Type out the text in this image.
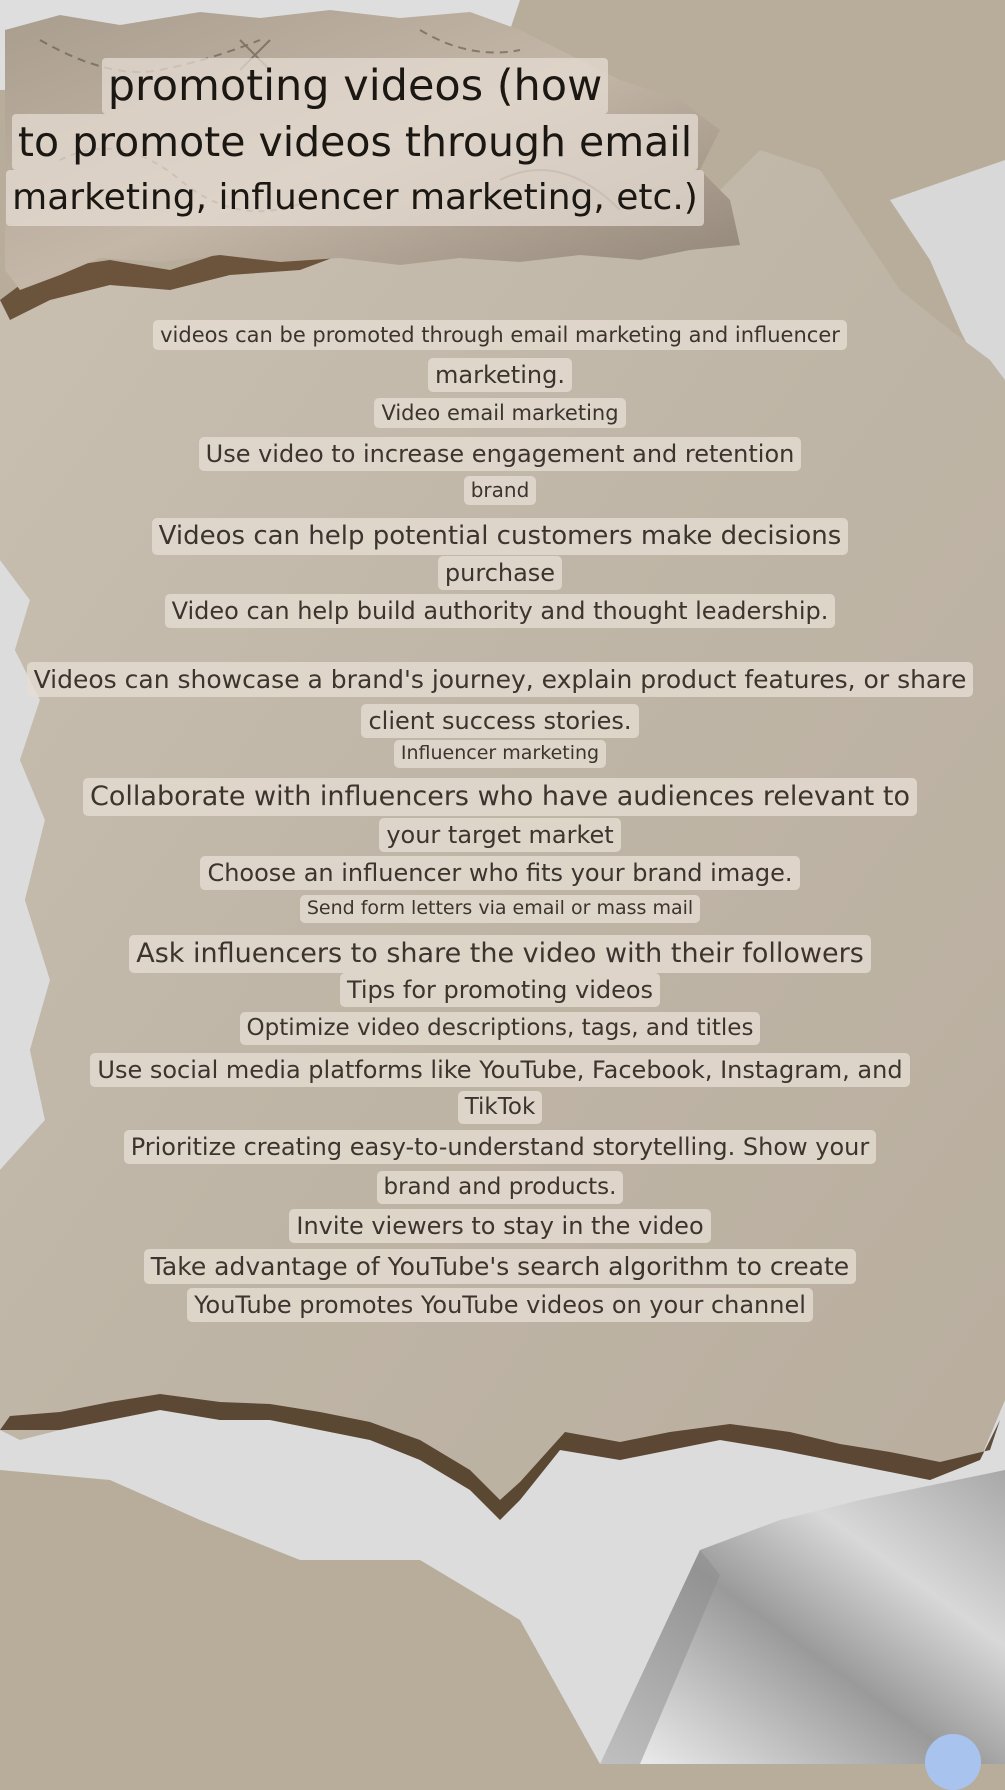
promoting videos (how
to promote videos through email
marketing, influencer marketing, etc.)
videos can be promoted through email marketing and influencer
marketing.
Video email marketing
Use video to increase engagement and retention
brand
Videos can help potential customers make decisions
purchase
Video can help build authority and thought leadership.
Videos can showcase a brand's journey, explain product features, or share
client success stories.
Influencer marketing
Collaborate with influencers who have audiences relevant to
your target market
Choose an influencer who fits your brand image.
Send form letters via email or mass mail
Ask influencers to share the video with their followers
Tips for promoting videos
Optimize video descriptions, tags, and titles
Use social media platforms like YouTube, Facebook, Instagram, and
TikTok
Prioritize creating easy-to-understand storytelling. Show your
brand and products.
Invite viewers to stay in the video
Take advantage of YouTube's search algorithm to create
YouTube promotes YouTube videos on your channel
